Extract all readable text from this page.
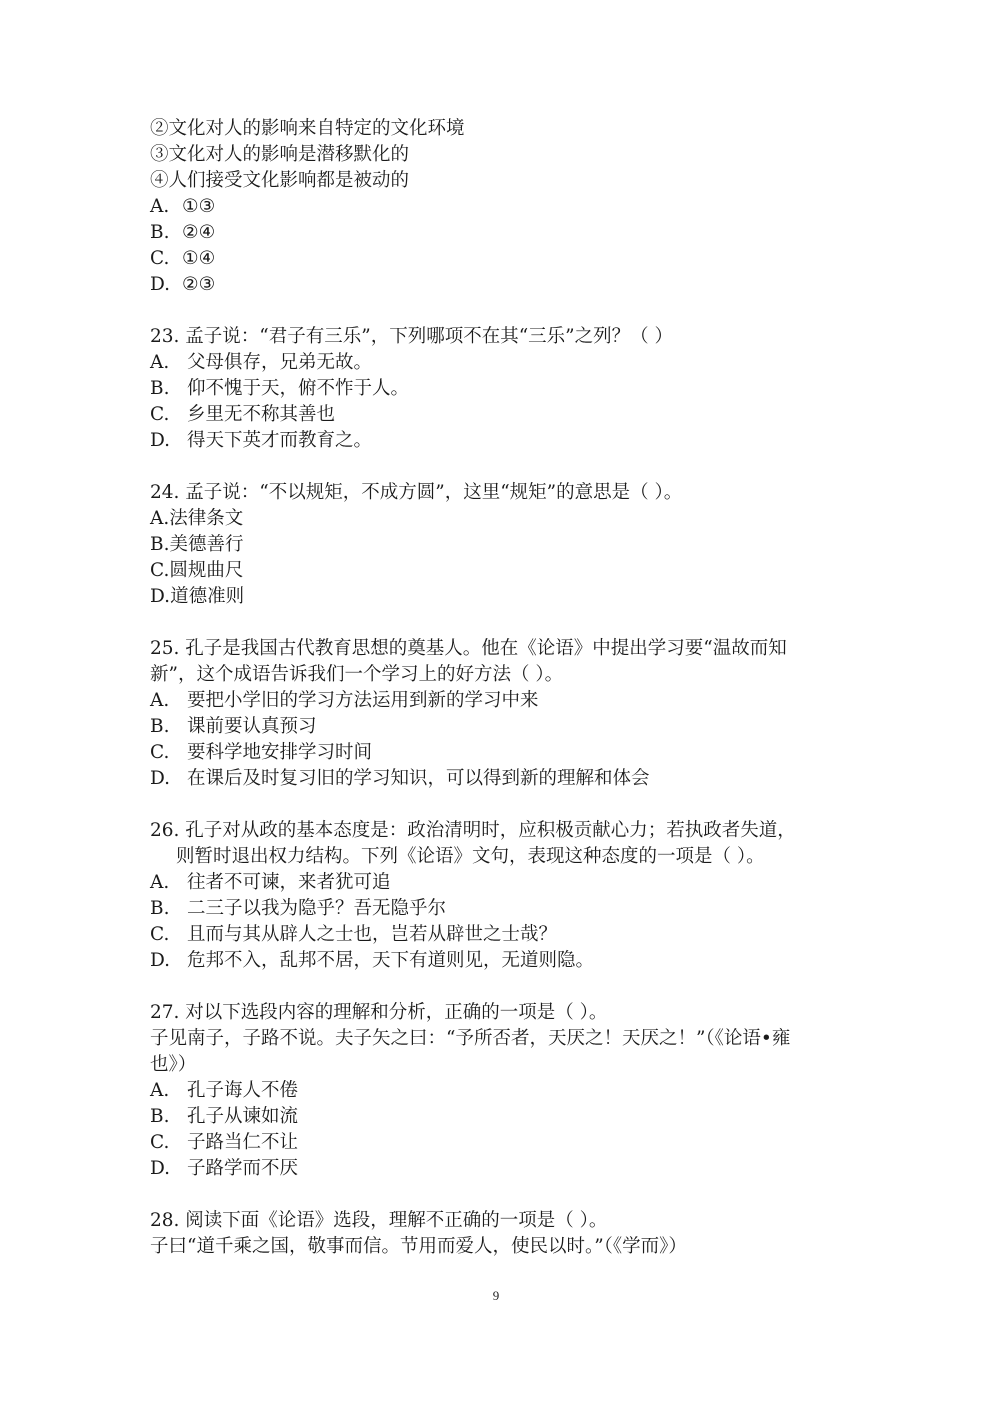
②文化对人的影响来自特定的文化环境
③文化对人的影响是潜移默化的
④人们接受文化影响都是被动的
A. ①③
B. ②④
C. ①④
D. ②③
23. 孟子说：“君子有三乐”，下列哪项不在其“三乐”之列？（ ）
A. 父母俱存，兄弟无故。
B. 仰不愧于天，俯不怍于人。
C. 乡里无不称其善也
D. 得天下英才而教育之。
24. 孟子说：“不以规矩，不成方圆”，这里“规矩”的意思是（ ）。
A.法律条文
B.美德善行
C.圆规曲尺
D.道德准则
25. 孔子是我国古代教育思想的奠基人。他在《论语》中提出学习要“温故而知
新”，这个成语告诉我们一个学习上的好方法（ ）。
A. 要把小学旧的学习方法运用到新的学习中来
B. 课前要认真预习
C. 要科学地安排学习时间
D. 在课后及时复习旧的学习知识，可以得到新的理解和体会
26. 孔子对从政的基本态度是：政治清明时，应积极贡献心力；若执政者失道，
则暂时退出权力结构。下列《论语》文句，表现这种态度的一项是（ ）。
A. 往者不可谏，来者犹可追
B. 二三子以我为隐乎？吾无隐乎尔
C. 且而与其从辟人之士也，岂若从辟世之士哉？
D. 危邦不入，乱邦不居，天下有道则见，无道则隐。
27. 对以下选段内容的理解和分析，正确的一项是（ ）。
子见南子，子路不说。夫子矢之曰：“予所否者，天厌之！天厌之！”（《论语•雍
也》）
A. 孔子诲人不倦
B. 孔子从谏如流
C. 子路当仁不让
D. 子路学而不厌
28. 阅读下面《论语》选段，理解不正确的一项是（ ）。
子曰“道千乘之国，敬事而信。节用而爱人，使民以时。”（《学而》）
9
